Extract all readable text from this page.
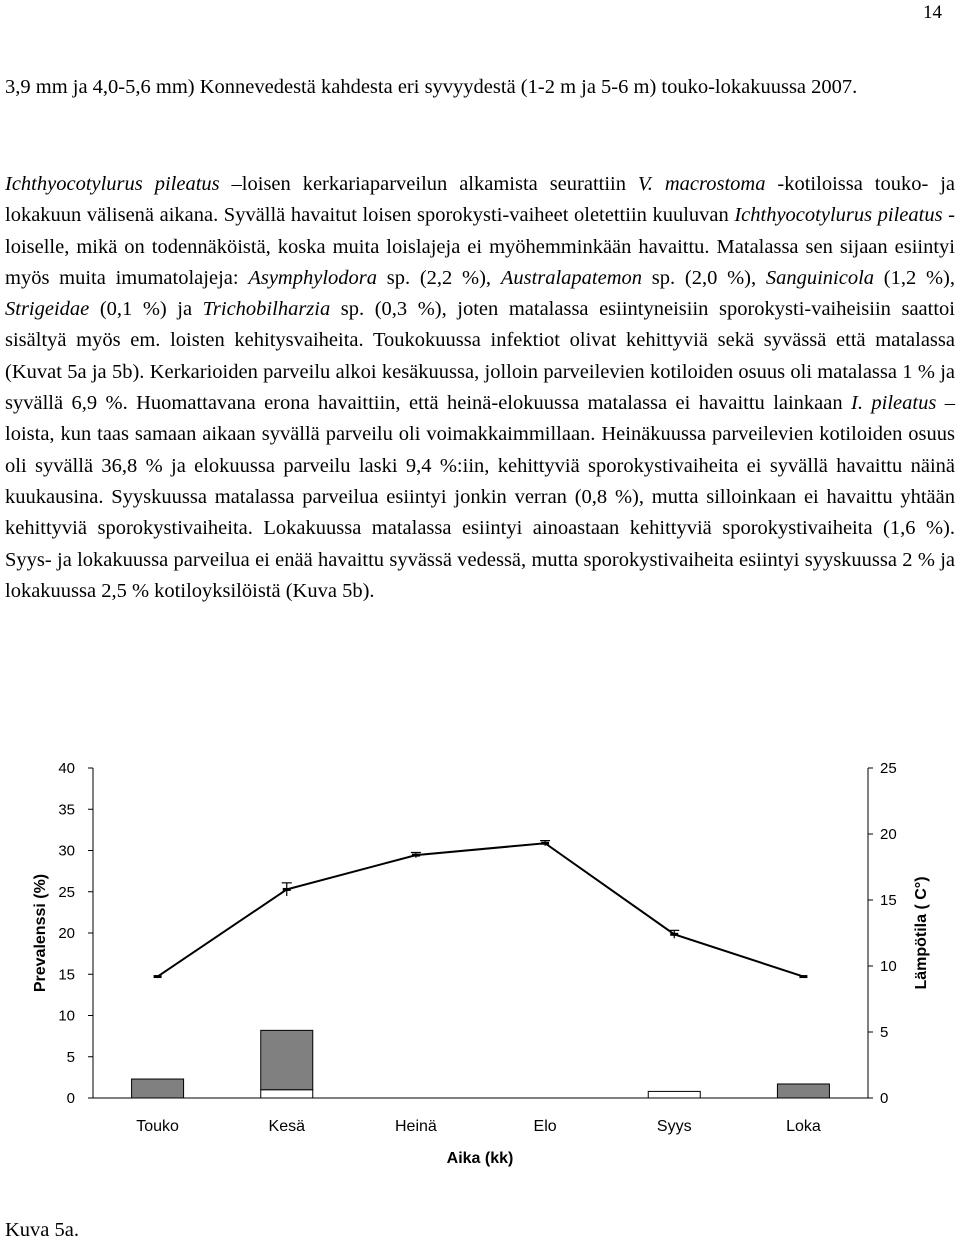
14

3,9 mm ja 4,0-5,6 mm) Konnevedestä kahdesta eri syvyydestä (1-2 m ja 5-6 m) touko-lokakuussa 2007.

Ichthyocotylurus pileatus –loisen kerkariaparveilun alkamista seurattiin V. macrostoma -kotiloissa touko- ja lokakuun välisenä aikana. Syvällä havaitut loisen sporokysti-vaiheet oletettiin kuuluvan Ichthyocotylurus pileatus -loiselle, mikä on todennäköistä, koska muita loislajeja ei myöhemminkään havaittu. Matalassa sen sijaan esiintyi myös muita imumatolajeja: Asymphylodora sp. (2,2 %), Australapatemon sp. (2,0 %), Sanguinicola (1,2 %), Strigeidae (0,1 %) ja Trichobilharzia sp. (0,3 %), joten matalassa esiintyneisiin sporokysti-vaiheisiin saattoi sisältyä myös em. loisten kehitysvaiheita. Toukokuussa infektiot olivat kehittyviä sekä syvässä että matalassa (Kuvat 5a ja 5b). Kerkarioiden parveilu alkoi kesäkuussa, jolloin parveilevien kotiloiden osuus oli matalassa 1 % ja syvällä 6,9 %. Huomattavana erona havaittiin, että heinä-elokuussa matalassa ei havaittu lainkaan I. pileatus –loista, kun taas samaan aikaan syvällä parveilu oli voimakkaimmillaan. Heinäkuussa parveilevien kotiloiden osuus oli syvällä 36,8 % ja elokuussa parveilu laski 9,4 %:iin, kehittyviä sporokystivaiheita ei syvällä havaittu näinä kuukausina. Syyskuussa matalassa parveilua esiintyi jonkin verran (0,8 %), mutta silloinkaan ei havaittu yhtään kehittyviä sporokystivaiheita. Lokakuussa matalassa esiintyi ainoastaan kehittyviä sporokystivaiheita (1,6 %). Syys- ja lokakuussa parveilua ei enää havaittu syvässä vedessä, mutta sporokystivaiheita esiintyi syyskuussa 2 % ja lokakuussa 2,5 % kotiloyksilöistä (Kuva 5b).

0
5
10
15
20
25
30
35
40
0
5
10
15
20
25
Touko	Kesä	Heinä	Elo	Syys	Loka
Aika (kk)
Prevalenssi (%)	Lämpötila ( C°)
Kuva 5a.
